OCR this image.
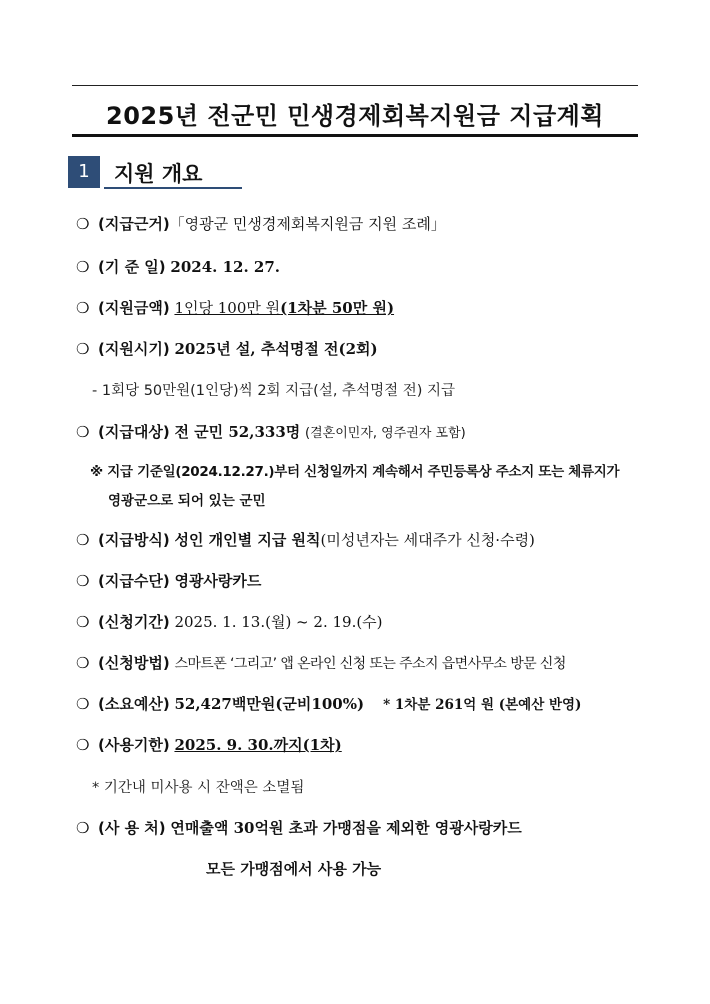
2025년 전군민 민생경제회복지원금 지급계획
1	지원 개요
❍ (지급근거)「영광군 민생경제회복지원금 지원 조례」
❍ (기 준 일) 2024. 12. 27.
❍ (지원금액) 1인당 100만 원(1차분 50만 원)
❍ (지원시기) 2025년 설, 추석명절 전(2회)
- 1회당 50만원(1인당)씩 2회 지급(설, 추석명절 전) 지급
❍ (지급대상) 전 군민 52,333명 (결혼이민자, 영주권자 포함)
※ 지급 기준일(2024.12.27.)부터 신청일까지 계속해서 주민등록상 주소지 또는 체류지가
영광군으로 되어 있는 군민
❍ (지급방식) 성인 개인별 지급 원칙(미성년자는 세대주가 신청·수령)
❍ (지급수단) 영광사랑카드
❍ (신청기간) 2025. 1. 13.(월) ~ 2. 19.(수)
❍ (신청방법) 스마트폰 ‘그리고’ 앱 온라인 신청 또는 주소지 읍면사무소 방문 신청
❍ (소요예산) 52,427백만원(군비100%) * 1차분 261억 원 (본예산 반영)
❍ (사용기한) 2025. 9. 30.까지(1차)
* 기간내 미사용 시 잔액은 소멸됨
❍ (사 용 처) 연매출액 30억원 초과 가맹점을 제외한 영광사랑카드
모든 가맹점에서 사용 가능
